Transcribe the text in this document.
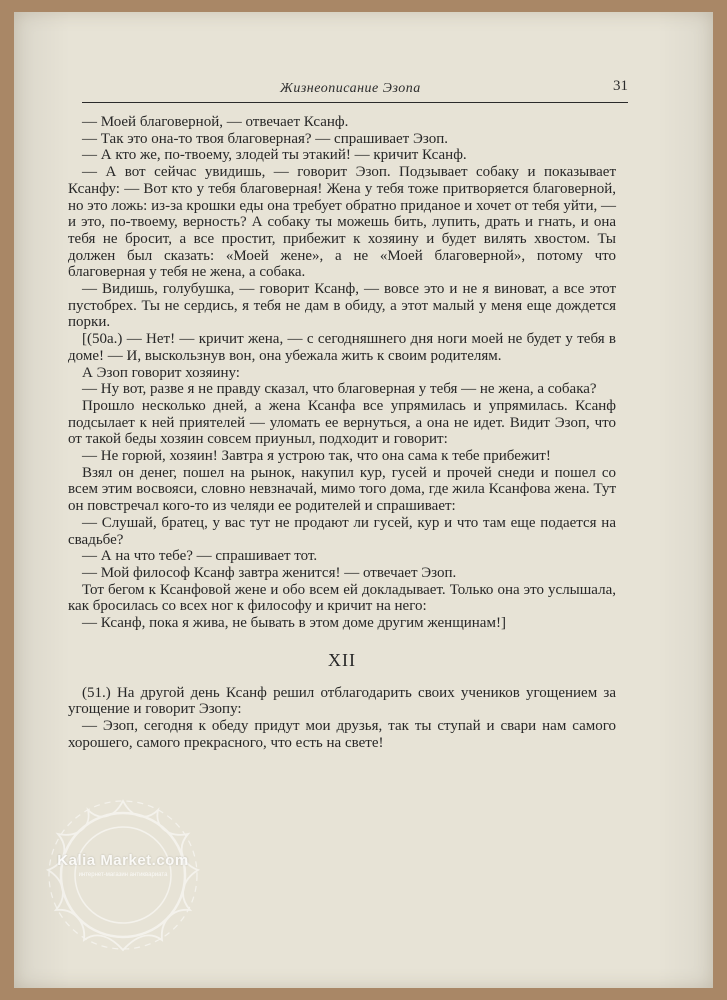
Жизнеописание Эзопа	31

— Моей благоверной, — отвечает Ксанф.

— Так это она-то твоя благоверная? — спрашивает Эзоп.

— А кто же, по-твоему, злодей ты этакий! — кричит Ксанф.

— А вот сейчас увидишь, — говорит Эзоп. Подзывает собаку и показывает Ксанфу: — Вот кто у тебя благоверная! Жена у тебя тоже притворяется благоверной, но это ложь: из-за крошки еды она требует обратно приданое и хочет от тебя уйти, — и это, по-твоему, верность? А собаку ты можешь бить, лупить, драть и гнать, и она тебя не бросит, а все простит, прибежит к хозяину и будет вилять хвостом. Ты должен был сказать: «Моей жене», а не «Моей благоверной», потому что благоверная у тебя не жена, а собака.

— Видишь, голубушка, — говорит Ксанф, — вовсе это и не я виноват, а все этот пустобрех. Ты не сердись, я тебя не дам в обиду, а этот малый у меня еще дождется порки.

[(50а.) — Нет! — кричит жена, — с сегодняшнего дня ноги моей не будет у тебя в доме! — И, выскользнув вон, она убежала жить к своим родителям.

А Эзоп говорит хозяину:

— Ну вот, разве я не правду сказал, что благоверная у тебя — не жена, а собака?

Прошло несколько дней, а жена Ксанфа все упрямилась и упрямилась. Ксанф подсылает к ней приятелей — уломать ее вернуться, а она не идет. Видит Эзоп, что от такой беды хозяин совсем приуныл, подходит и говорит:

— Не горюй, хозяин! Завтра я устрою так, что она сама к тебе прибежит!

Взял он денег, пошел на рынок, накупил кур, гусей и прочей снеди и пошел со всем этим восвояси, словно невзначай, мимо того дома, где жила Ксанфова жена. Тут он повстречал кого-то из челяди ее родителей и спрашивает:

— Слушай, братец, у вас тут не продают ли гусей, кур и что там еще подается на свадьбе?

— А на что тебе? — спрашивает тот.

— Мой философ Ксанф завтра женится! — отвечает Эзоп.

Тот бегом к Ксанфовой жене и обо всем ей докладывает. Только она это услышала, как бросилась со всех ног к философу и кричит на него:

— Ксанф, пока я жива, не бывать в этом доме другим женщинам!]

XII

(51.) На другой день Ксанф решил отблагодарить своих учеников угощением за угощение и говорит Эзопу:

— Эзоп, сегодня к обеду придут мои друзья, так ты ступай и свари нам самого хорошего, самого прекрасного, что есть на свете!

Kalia Market.com
интернет-магазин антиквариата
